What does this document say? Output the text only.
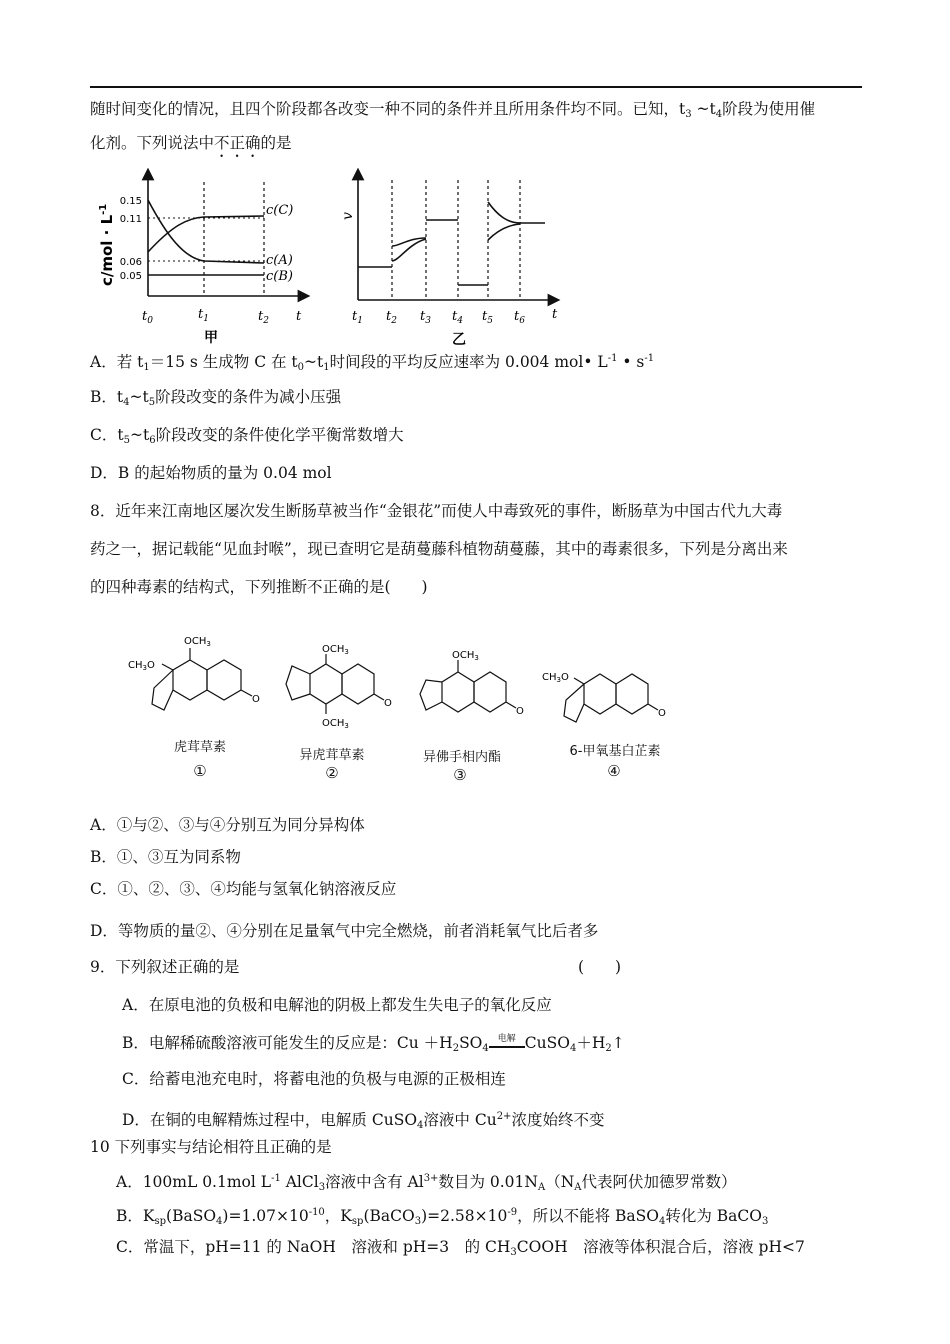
随时间变化的情况，且四个阶段都各改变一种不同的条件并且所用条件均不同。已知，$t_3$ $\sim t_4$阶段为使用催
化剂。下列说法中不正确的是
$c/mol \cdot L^{-1}$
0.15
0.11
0.06
0.05
c(C)
c(A)
c(B)
$t_0$	$t_1$	$t_2$ t
甲
v
$t_1$ $t_2$ $t_3$ $t_4$ $t_5$ $t_6$ t
乙
A．若 $t_1=15$ s 生成物 C 在 $t_0\sim t_1$时间段的平均反应速率为 0.004 mol• $L^{-1}$ • $s^{-1}$
B．$t_4\sim t_5$阶段改变的条件为减小压强
C．$t_5\sim t_6$阶段改变的条件使化学平衡常数增大
D．B 的起始物质的量为 0.04 mol
8．近年来江南地区屡次发生断肠草被当作“金银花”而使人中毒致死的事件，断肠草为中国古代九大毒
药之一，据记载能“见血封喉”，现已查明它是葫蔓藤科植物葫蔓藤，其中的毒素很多，下列是分离出来
的四种毒素的结构式，下列推断不正确的是(　　)
$OCH_3$
$CH_3O$
O
虎茸草素
①
$OCH_3$
$OCH_3$
O
异虎茸草素
②
$OCH_3$
O
异佛手相内酯
③
$CH_3O$
O
6-甲氧基白芷素
④
A．①与②、③与④分别互为同分异构体
B．①、③互为同系物
C．①、②、③、④均能与氢氧化钠溶液反应
D．等物质的量②、④分别在足量氧气中完全燃烧，前者消耗氧气比后者多
9．下列叙述正确的是	(　　)
A．在原电池的负极和电解池的阴极上都发生失电子的氧化反应
B．电解稀硫酸溶液可能发生的反应是：$Cu +H_2SO_4$
电解 $CuSO_4+H_2↑$
C．给蓄电池充电时，将蓄电池的负极与电源的正极相连
D．在铜的电解精炼过程中，电解质 CuSO$_4$溶液中 $Cu^{2+}$浓度始终不变
10 下列事实与结论相符且正确的是
A．100mL 0.1mol $L^{-1}$ AlCl$_3$溶液中含有 $Al^{3+}$数目为 $0.01N_A(N_A$代表阿伏加德罗常数）
B．$K_{sp}(BaSO_4)=1.07\times 10^{-10}$，$K_{sp}(BaCO_3)=2.58\times 10^{-9}$，所以不能将 BaSO$_4$转化为 BaCO$_3$
C．常温下，pH=11 的 NaOH　溶液和 pH=3　的 $CH_3COOH$　溶液等体积混合后，溶液 pH<7
